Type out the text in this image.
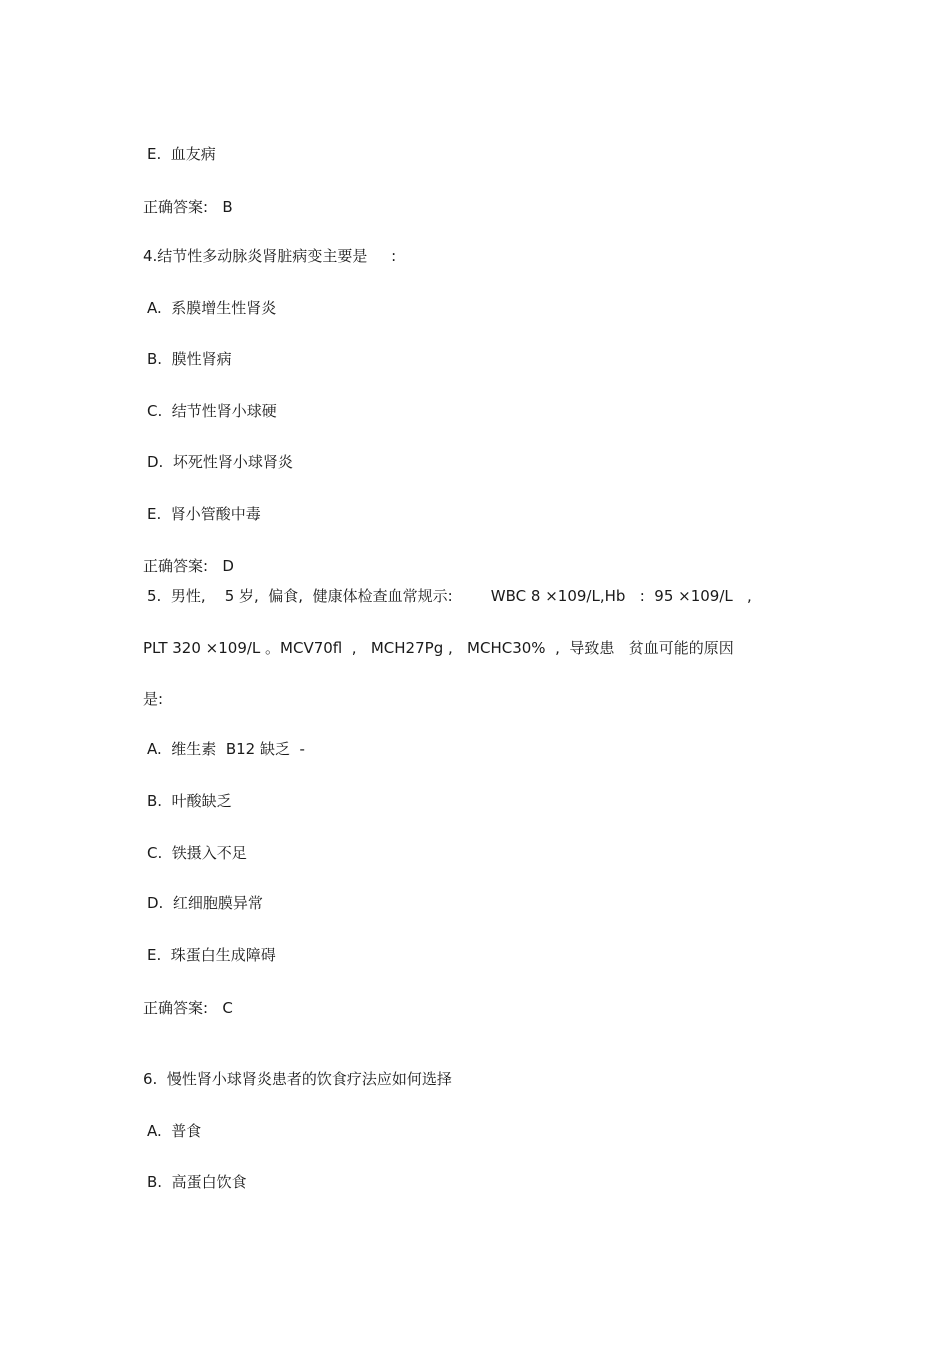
E.  血友病
正确答案:   B
4.结节性多动脉炎肾脏病变主要是     :
A.  系膜增生性肾炎
B.  膜性肾病
C.  结节性肾小球硬
D.  坏死性肾小球肾炎
E.  肾小管酸中毒
正确答案:   D
5.  男性,    5 岁,  偏食,  健康体检查血常规示:        WBC 8 ×109/L,Hb   :  95 ×109/L   ,
PLT 320 ×109/L 。MCV70fl  ,   MCH27Pg ,   MCHC30%  ,  导致患   贫血可能的原因
是:
A.  维生素  B12 缺乏  -
B.  叶酸缺乏
C.  铁摄入不足
D.  红细胞膜异常
E.  珠蛋白生成障碍
正确答案:   C
6.  慢性肾小球肾炎患者的饮食疗法应如何选择
A.  普食
B.  高蛋白饮食
